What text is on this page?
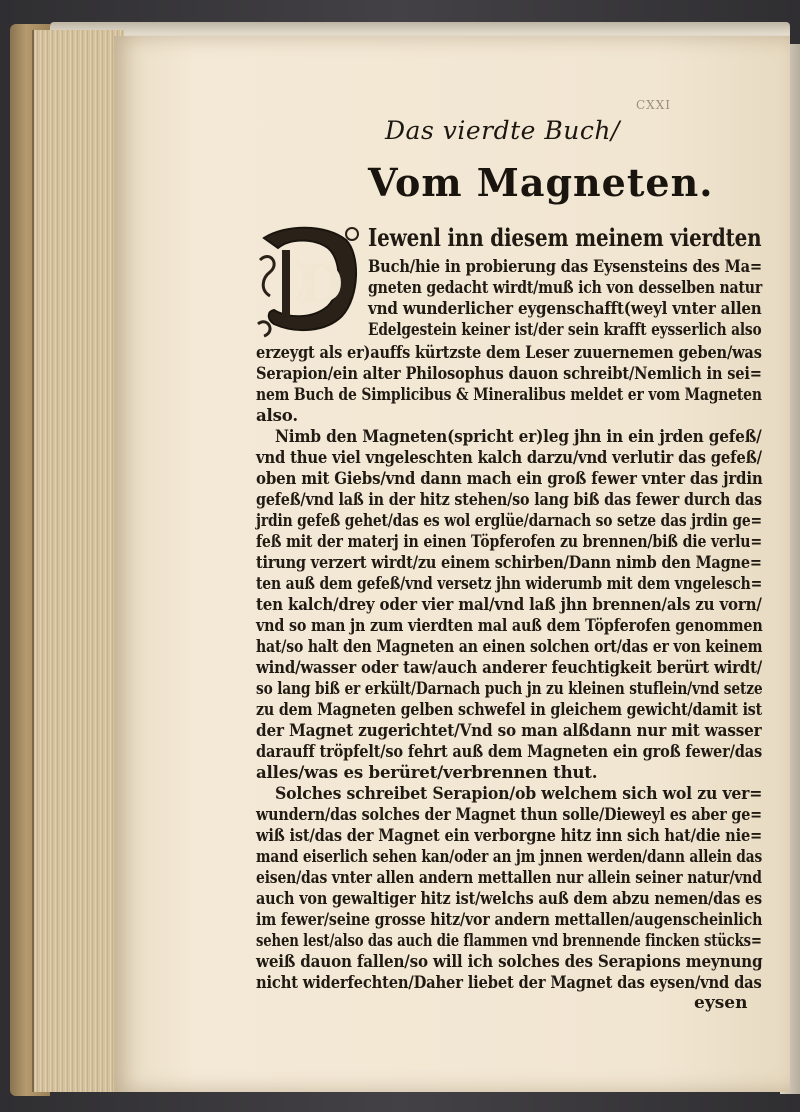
CXXI
Das vierdte Buch/
Vom Magneten.
D
Iewenl inn diesem meinem vierdten
Buch/hie in probierung das Eysensteins des Ma=
gneten gedacht wirdt/muß ich von desselben natur
vnd wunderlicher eygenschafft(weyl vnter allen
Edelgestein keiner ist/der sein krafft eysserlich also
erzeygt als er)auffs kürtzste dem Leser zuuernemen geben/was
Serapion/ein alter Philosophus dauon schreibt/Nemlich in sei=
nem Buch de Simplicibus & Mineralibus meldet er vom Magneten
also.
Nimb den Magneten(spricht er)leg jhn in ein jrden gefeß/
vnd thue viel vngeleschten kalch darzu/vnd verlutir das gefeß/
oben mit Giebs/vnd dann mach ein groß fewer vnter das jrdin
gefeß/vnd laß in der hitz stehen/so lang biß das fewer durch das
jrdin gefeß gehet/das es wol erglüe/darnach so setze das jrdin ge=
feß mit der materj in einen Töpferofen zu brennen/biß die verlu=
tirung verzert wirdt/zu einem schirben/Dann nimb den Magne=
ten auß dem gefeß/vnd versetz jhn widerumb mit dem vngelesch=
ten kalch/drey oder vier mal/vnd laß jhn brennen/als zu vorn/
vnd so man jn zum vierdten mal auß dem Töpferofen genommen
hat/so halt den Magneten an einen solchen ort/das er von keinem
wind/wasser oder taw/auch anderer feuchtigkeit berürt wirdt/
so lang biß er erkült/Darnach puch jn zu kleinen stuflein/vnd setze
zu dem Magneten gelben schwefel in gleichem gewicht/damit ist
der Magnet zugerichtet/Vnd so man alßdann nur mit wasser
darauff tröpfelt/so fehrt auß dem Magneten ein groß fewer/das
alles/was es berüret/verbrennen thut.
Solches schreibet Serapion/ob welchem sich wol zu ver=
wundern/das solches der Magnet thun solle/Dieweyl es aber ge=
wiß ist/das der Magnet ein verborgne hitz inn sich hat/die nie=
mand eiserlich sehen kan/oder an jm jnnen werden/dann allein das
eisen/das vnter allen andern mettallen nur allein seiner natur/vnd
auch von gewaltiger hitz ist/welchs auß dem abzu nemen/das es
im fewer/seine grosse hitz/vor andern mettallen/augenscheinlich
sehen lest/also das auch die flammen vnd brennende fincken stücks=
weiß dauon fallen/so will ich solches des Serapions meynung
nicht widerfechten/Daher liebet der Magnet das eysen/vnd das
eysen
